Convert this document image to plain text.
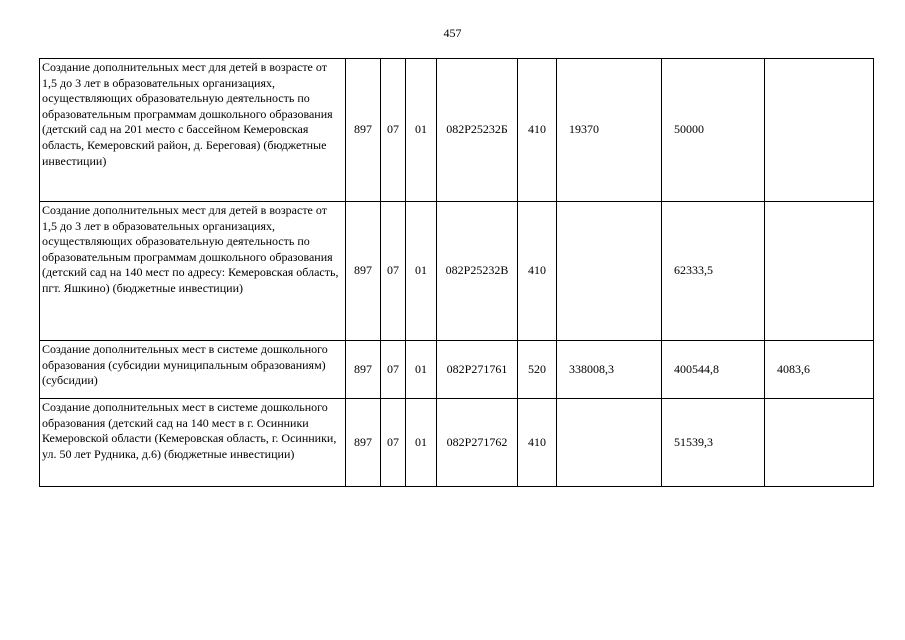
457
Создание дополнительных мест для детей в возрасте от 1,5 до 3 лет в образовательных организациях, осуществляющих образовательную деятельность по образовательным программам дошкольного образования (детский сад на 201 место с бассейном Кемеровская область, Кемеровский район, д. Береговая) (бюджетные инвестиции)	897	07	01	082P25232Б	410	19370	50000	
Создание дополнительных мест для детей в возрасте от 1,5 до 3 лет в образовательных организациях, осуществляющих образовательную деятельность по образовательным программам дошкольного образования (детский сад на 140 мест по адресу: Кемеровская область, пгт. Яшкино) (бюджетные инвестиции)	897	07	01	082P25232В	410		62333,5	
Создание дополнительных мест в системе дошкольного образования (субсидии муниципальным образованиям) (субсидии)	897	07	01	082P271761	520	338008,3	400544,8	4083,6
Создание дополнительных мест в системе дошкольного образования (детский сад на 140 мест в г. Осинники Кемеровской области (Кемеровская область, г. Осинники, ул. 50 лет Рудника, д.6) (бюджетные инвестиции)	897	07	01	082P271762	410		51539,3	
